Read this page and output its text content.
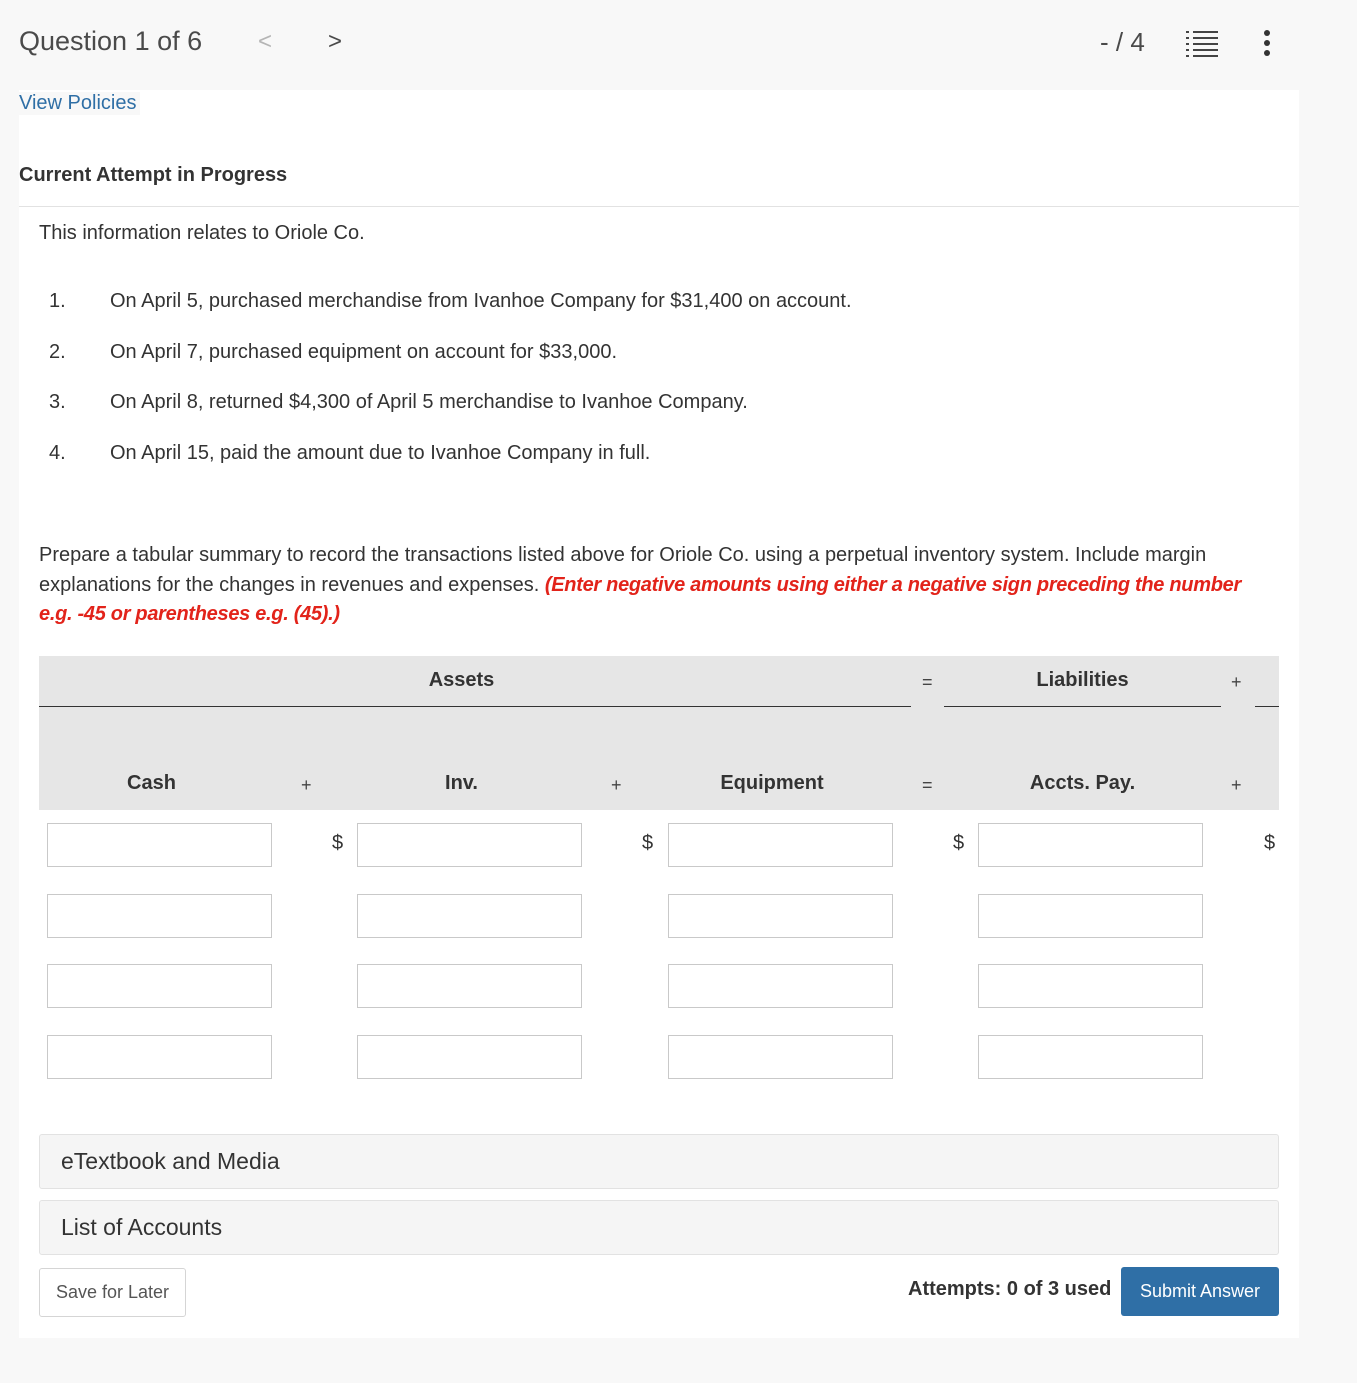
Question 1 of 6 < >	- / 4
View Policies
Current Attempt in Progress
This information relates to Oriole Co.
1. On April 5, purchased merchandise from Ivanhoe Company for $31,400 on account.
2. On April 7, purchased equipment on account for $33,000.
3. On April 8, returned $4,300 of April 5 merchandise to Ivanhoe Company.
4. On April 15, paid the amount due to Ivanhoe Company in full.
Prepare a tabular summary to record the transactions listed above for Oriole Co. using a perpetual inventory system. Include margin explanations for the changes in revenues and expenses. (Enter negative amounts using either a negative sign preceding the number e.g. -45 or parentheses e.g. (45).)
Assets	=	Liabilities	+
Cash	+	Inv.	+	Equipment	=	Accts. Pay.	+
$	$	$	$
eTextbook and Media
List of Accounts
Save for Later	Attempts: 0 of 3 used	Submit Answer
